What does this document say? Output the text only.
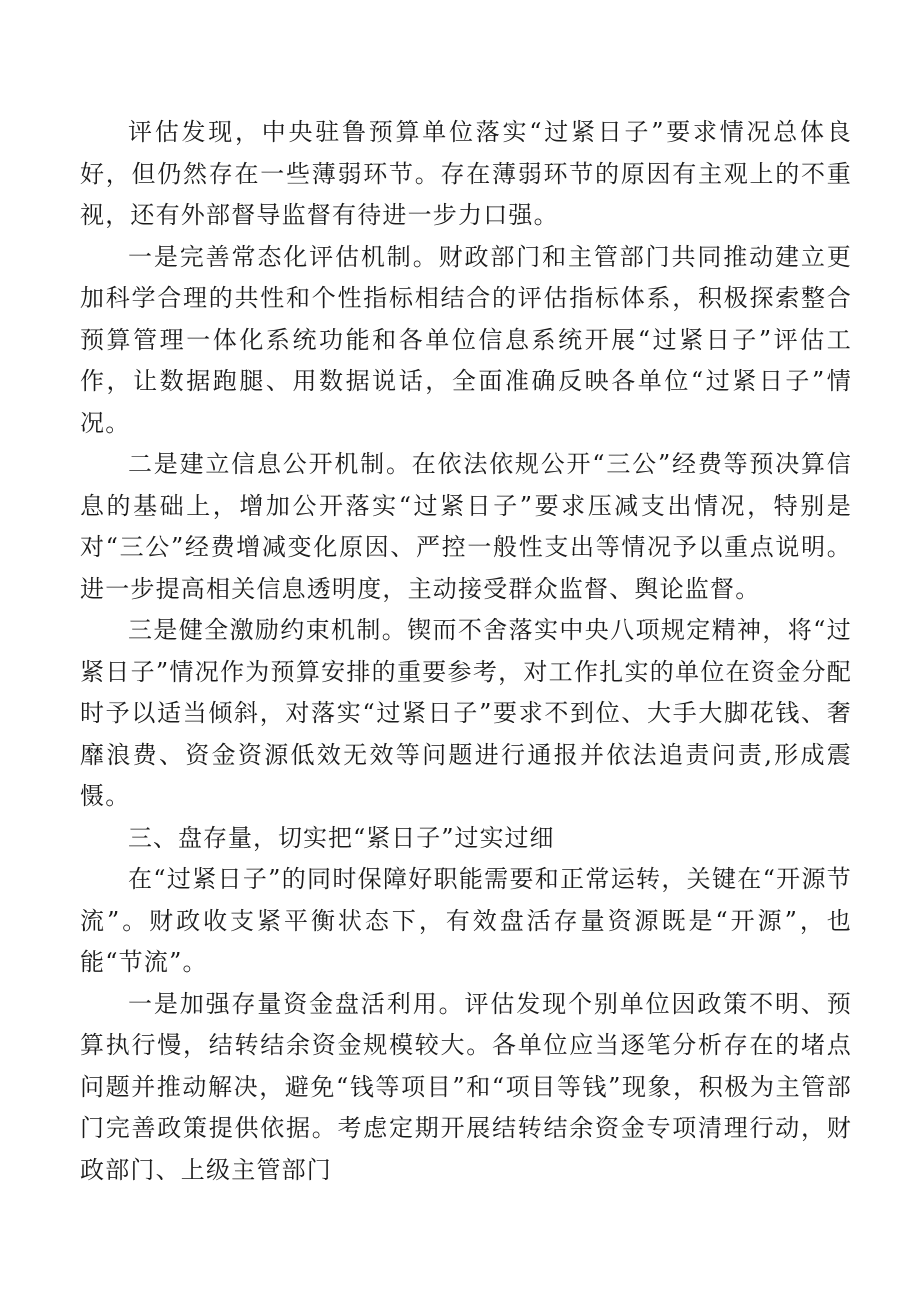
评估发现，中央驻鲁预算单位落实“过紧日子”要求情况总体良好，但仍然存在一些薄弱环节。存在薄弱环节的原因有主观上的不重视，还有外部督导监督有待进一步力口强。

一是完善常态化评估机制。财政部门和主管部门共同推动建立更加科学合理的共性和个性指标相结合的评估指标体系，积极探索整合预算管理一体化系统功能和各单位信息系统开展“过紧日子”评估工作，让数据跑腿、用数据说话，全面准确反映各单位“过紧日子”情况。

二是建立信息公开机制。在依法依规公开“三公”经费等预决算信息的基础上，增加公开落实“过紧日子”要求压减支出情况，特别是对“三公”经费增减变化原因、严控一般性支出等情况予以重点说明。进一步提高相关信息透明度，主动接受群众监督、舆论监督。

三是健全激励约束机制。锲而不舍落实中央八项规定精神，将“过紧日子”情况作为预算安排的重要参考，对工作扎实的单位在资金分配时予以适当倾斜，对落实“过紧日子”要求不到位、大手大脚花钱、奢靡浪费、资金资源低效无效等问题进行通报并依法追责问责,形成震慑。

三、盘存量，切实把“紧日子”过实过细

在“过紧日子”的同时保障好职能需要和正常运转，关键在“开源节流”。财政收支紧平衡状态下，有效盘活存量资源既是“开源”，也能“节流”。

一是加强存量资金盘活利用。评估发现个别单位因政策不明、预算执行慢，结转结余资金规模较大。各单位应当逐笔分析存在的堵点问题并推动解决，避免“钱等项目”和“项目等钱”现象，积极为主管部门完善政策提供依据。考虑定期开展结转结余资金专项清理行动，财政部门、上级主管部门
